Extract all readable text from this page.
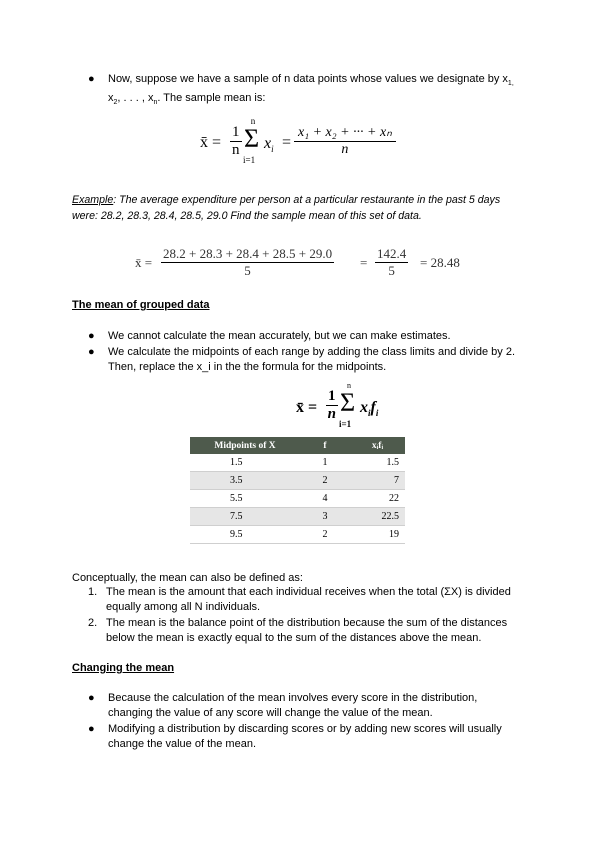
● Now, suppose we have a sample of n data points whose values we designate by $x_{1,}$
$x_2$, . . . , $x_n$. The sample mean is:
x̄ = $\frac{1}{n}$
n
Σ
i=1
$x_i = \frac{\text{x₁ + x₂ + ··· + xₙ}}{n}$
Example: The average expenditure per person at a particular restaurante in the past 5 days
were: 28.2, 28.3, 28.4, 28.5, 29.0 Find the sample mean of this set of data.
x̄ = $\frac{28.2 + 28.3 + 28.4 + 28.5 + 29.0}{5} = \frac{142.4}{5} = 28.48$
The mean of grouped data
● We cannot calculate the mean accurately, but we can make estimates.
● We calculate the midpoints of each range by adding the class limits and divide by 2.
Then, replace the x_i in the the formula for the midpoints.
x̄ = $\frac{1}{n}$
n
Σ
i=1
$x_if_i$
Midpoints of X	f	xᵢfᵢ
1.5	1	1.5
3.5	2	7
5.5	4	22
7.5	3	22.5
9.5	2	19
Conceptually, the mean can also be defined as:
1. The mean is the amount that each individual receives when the total (ΣX) is divided
equally among all N individuals.
2. The mean is the balance point of the distribution because the sum of the distances
below the mean is exactly equal to the sum of the distances above the mean.
Changing the mean
● Because the calculation of the mean involves every score in the distribution,
changing the value of any score will change the value of the mean.
● Modifying a distribution by discarding scores or by adding new scores will usually
change the value of the mean.
